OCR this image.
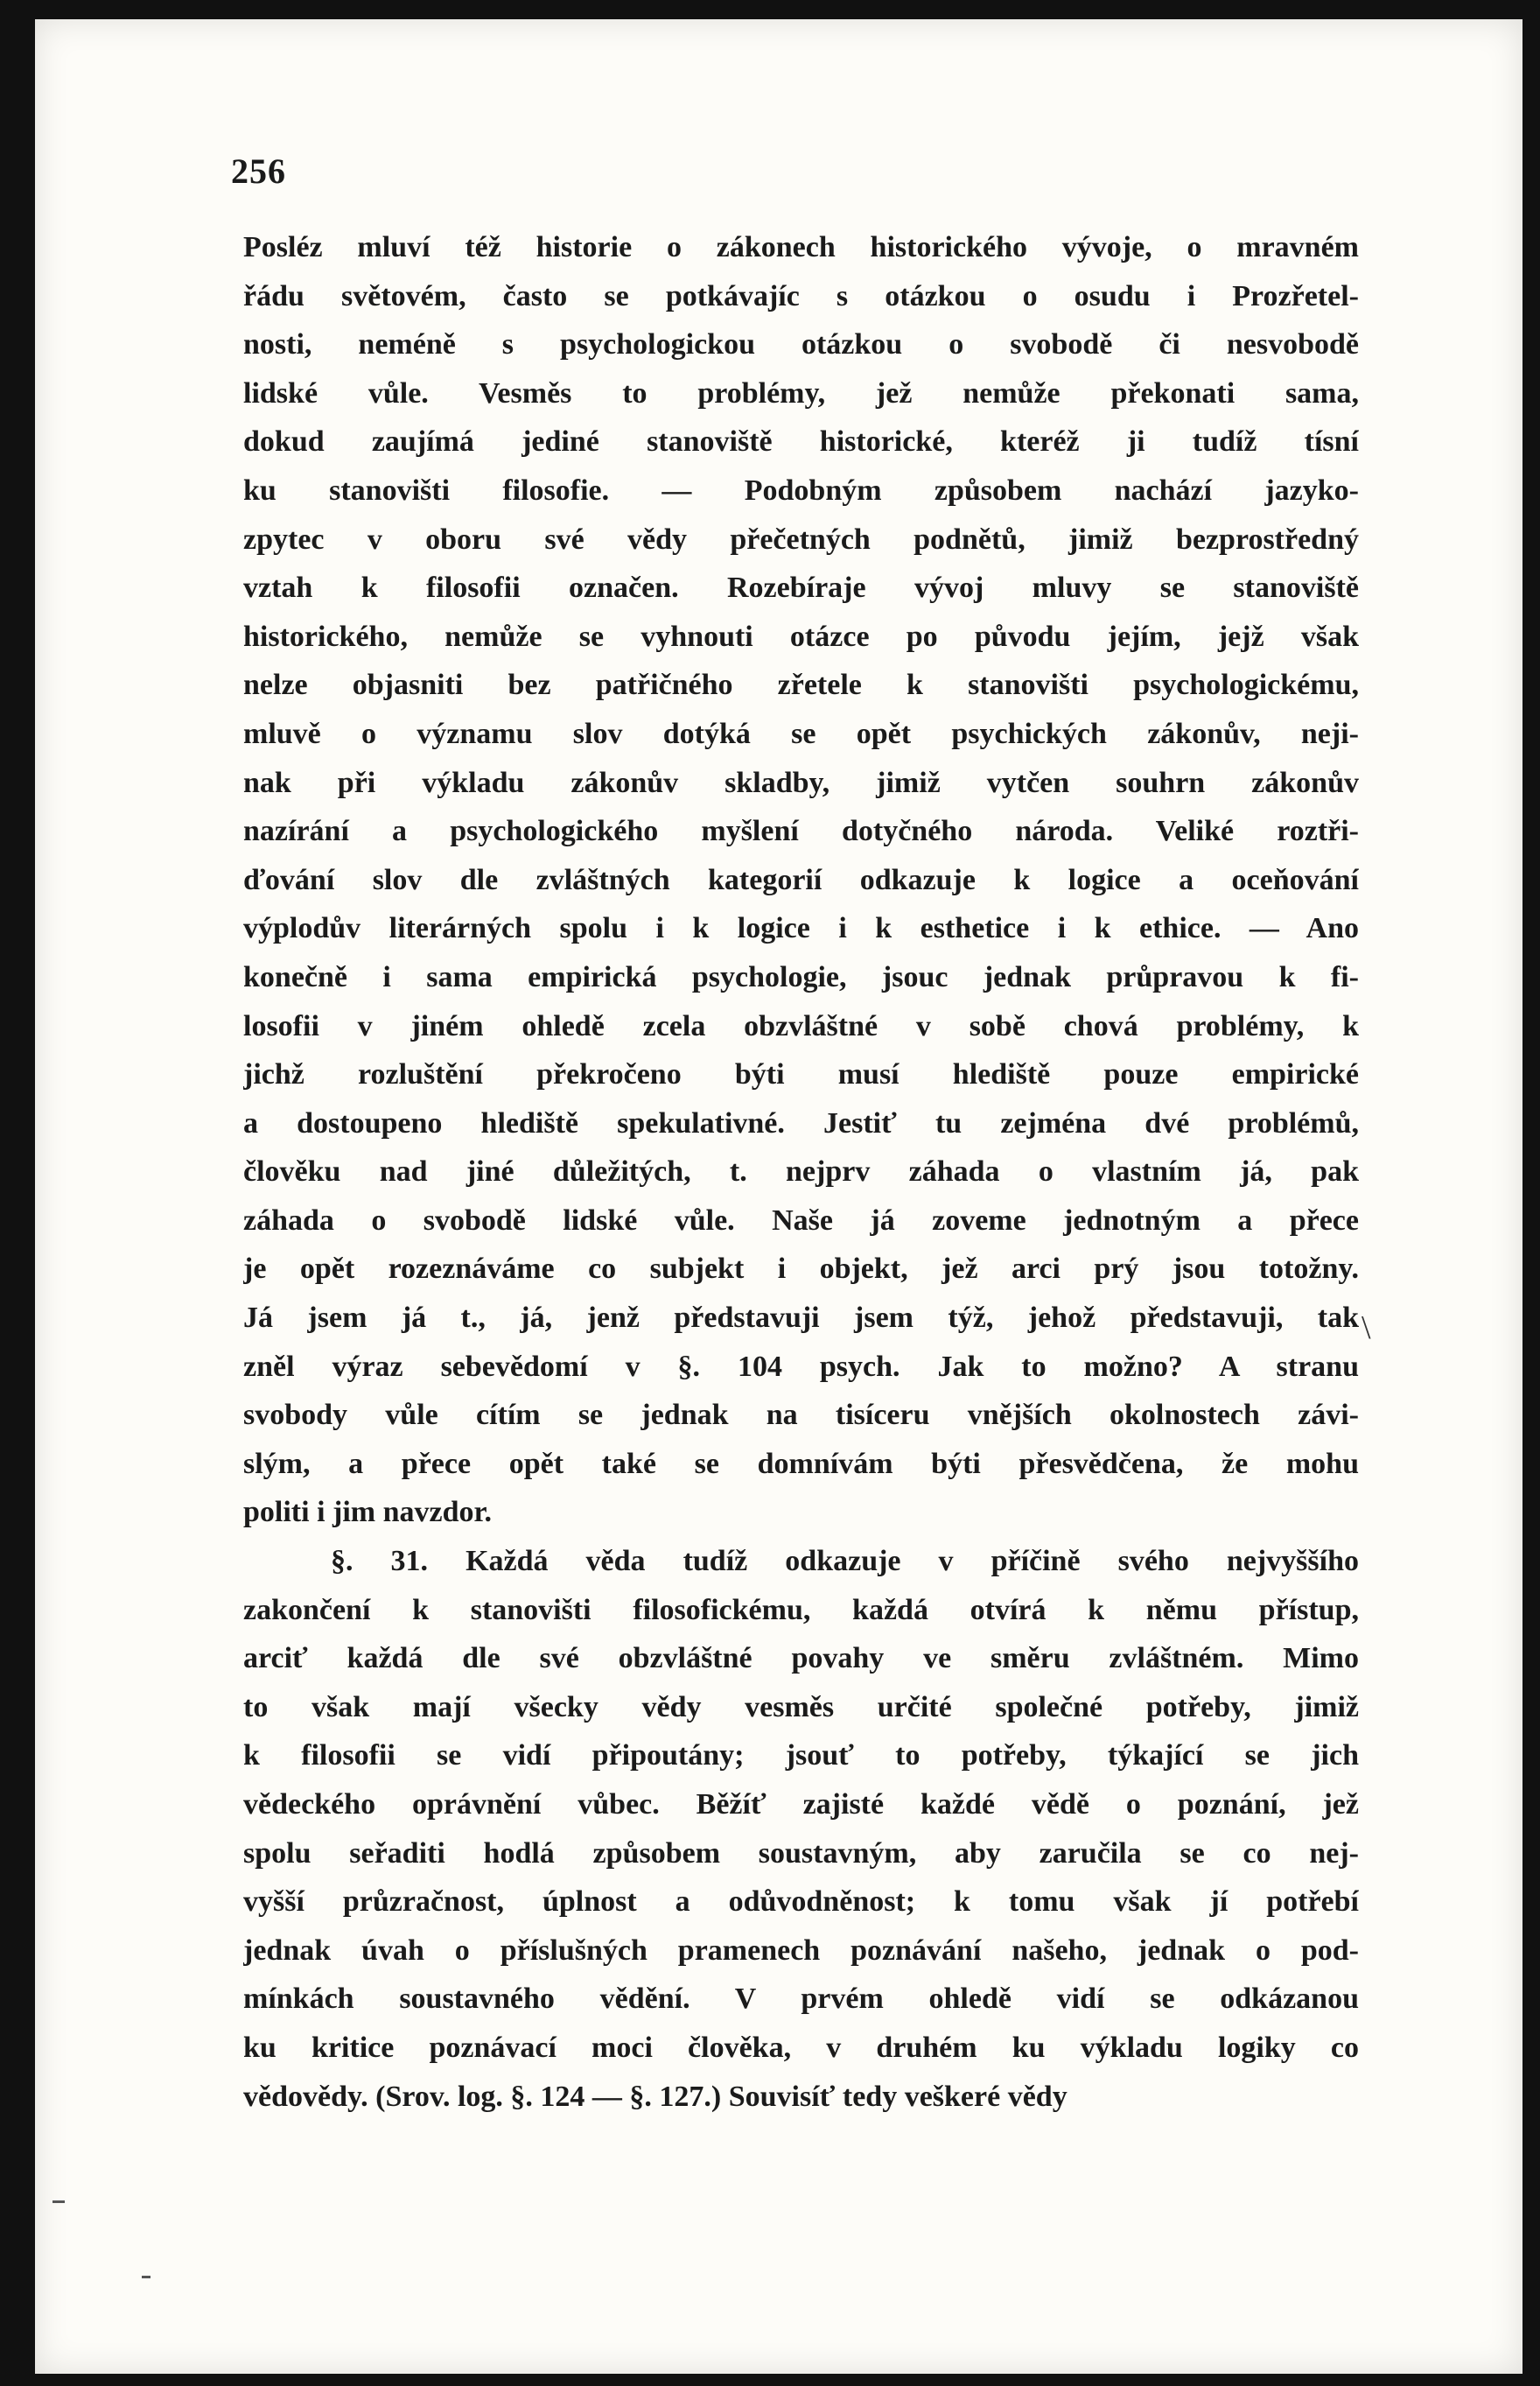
256
Posléz mluví též historie o zákonech historického vývoje, o mravném
řádu světovém, často se potkávajíc s otázkou o osudu i Prozřetel-
nosti, neméně s psychologickou otázkou o svobodě či nesvobodě
lidské vůle. Vesměs to problémy, jež nemůže překonati sama,
dokud zaujímá jediné stanoviště historické, kteréž ji tudíž tísní
ku stanovišti filosofie. — Podobným způsobem nachází jazyko-
zpytec v oboru své vědy přečetných podnětů, jimiž bezprostředný
vztah k filosofii označen. Rozebíraje vývoj mluvy se stanoviště
historického, nemůže se vyhnouti otázce po původu jejím, jejž však
nelze objasniti bez patřičného zřetele k stanovišti psychologickému,
mluvě o významu slov dotýká se opět psychických zákonův, neji-
nak při výkladu zákonův skladby, jimiž vytčen souhrn zákonův
nazírání a psychologického myšlení dotyčného národa. Veliké roztři-
ďování slov dle zvláštných kategorií odkazuje k logice a oceňování
výplodův literárných spolu i k logice i k esthetice i k ethice. — Ano
konečně i sama empirická psychologie, jsouc jednak průpravou k fi-
losofii v jiném ohledě zcela obzvláštné v sobě chová problémy, k
jichž rozluštění překročeno býti musí hlediště pouze empirické
a dostoupeno hlediště spekulativné. Jestiť tu zejména dvé problémů,
člověku nad jiné důležitých, t. nejprv záhada o vlastním já, pak
záhada o svobodě lidské vůle. Naše já zoveme jednotným a přece
je opět rozeznáváme co subjekt i objekt, jež arci prý jsou totožny.
Já jsem já t., já, jenž představuji jsem týž, jehož představuji, tak
zněl výraz sebevědomí v §. 104 psych. Jak to možno? A stranu
svobody vůle cítím se jednak na tisíceru vnějších okolnostech závi-
slým, a přece opět také se domnívám býti přesvědčena, že mohu
politi i jim navzdor.
§. 31. Každá věda tudíž odkazuje v příčině svého nejvyššího
zakončení k stanovišti filosofickému, každá otvírá k němu přístup,
arciť každá dle své obzvláštné povahy ve směru zvláštném. Mimo
to však mají všecky vědy vesměs určité společné potřeby, jimiž
k filosofii se vidí připoutány; jsouť to potřeby, týkající se jich
vědeckého oprávnění vůbec. Běžíť zajisté každé vědě o poznání, jež
spolu seřaditi hodlá způsobem soustavným, aby zaručila se co nej-
vyšší průzračnost, úplnost a odůvodněnost; k tomu však jí potřebí
jednak úvah o příslušných pramenech poznávání našeho, jednak o pod-
mínkách soustavného vědění. V prvém ohledě vidí se odkázanou
ku kritice poznávací moci člověka, v druhém ku výkladu logiky co
vědovědy. (Srov. log. §. 124 — §. 127.) Souvisíť tedy veškeré vědy
\
